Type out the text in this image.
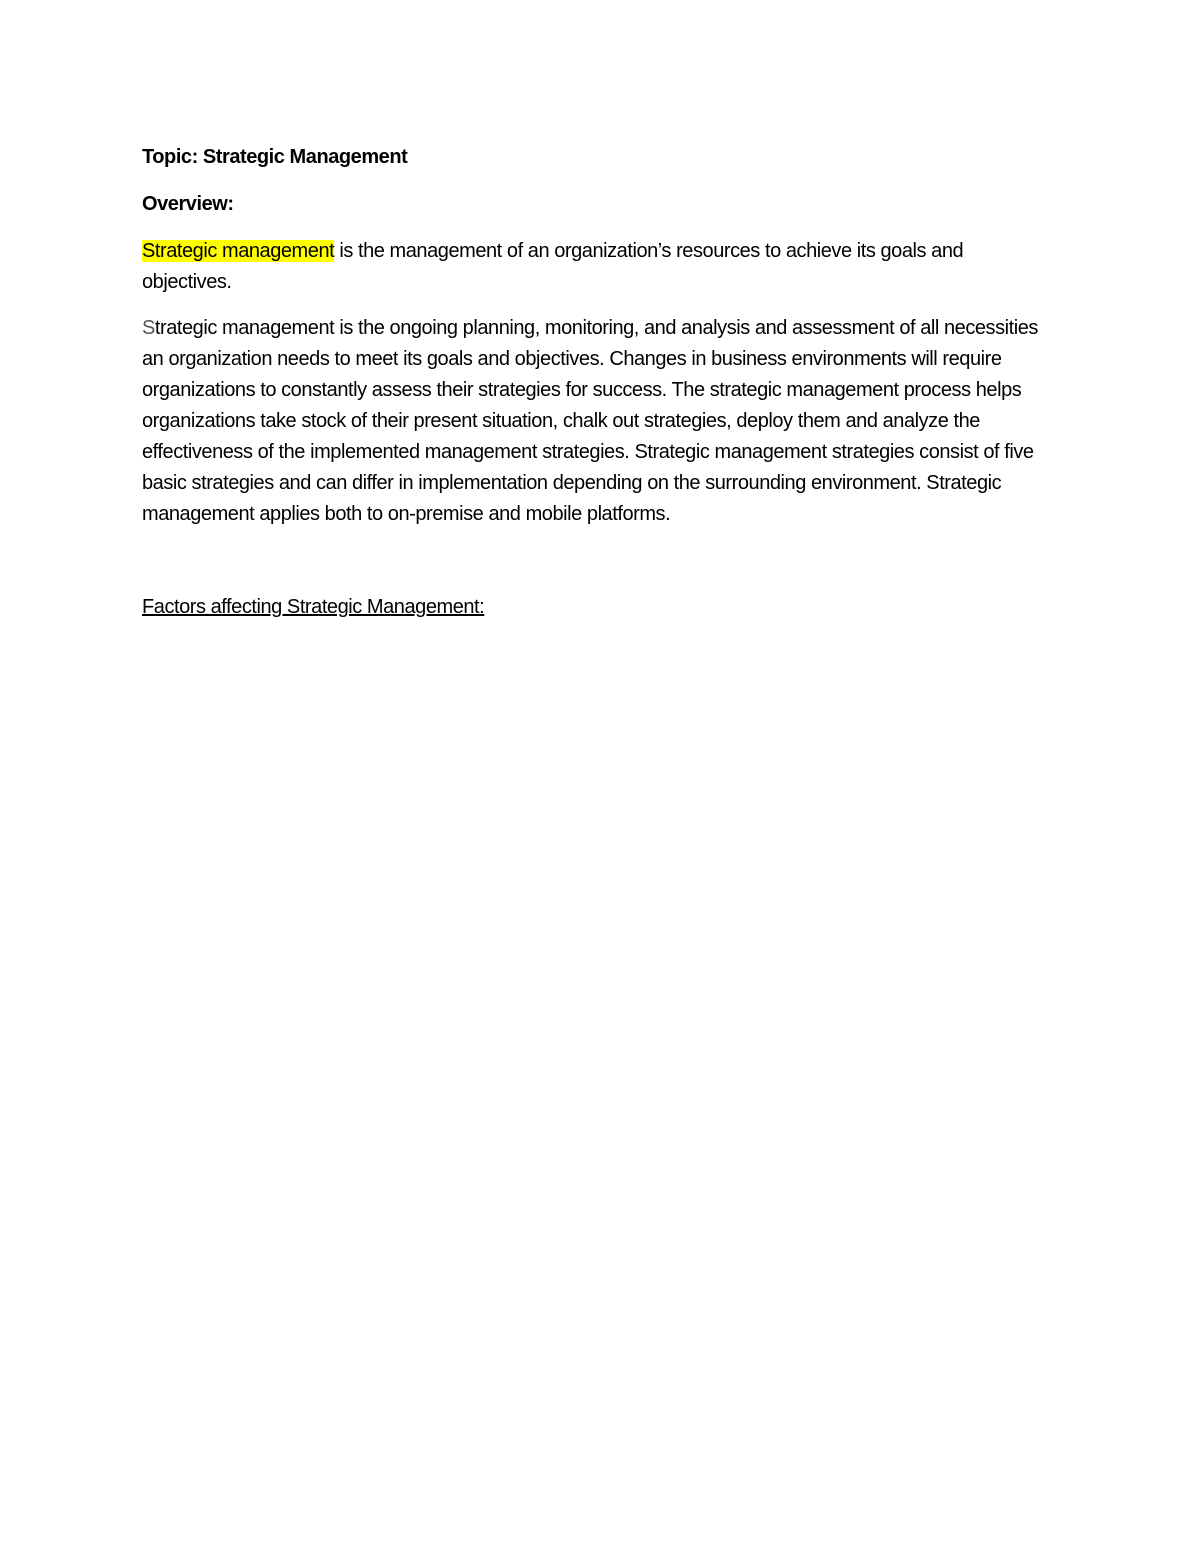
Topic: Strategic Management

Overview:

Strategic management is the management of an organization’s resources to achieve its goals and objectives.

Strategic management is the ongoing planning, monitoring, and analysis and assessment of all necessities an organization needs to meet its goals and objectives. Changes in business environments will require organizations to constantly assess their strategies for success. The strategic management process helps organizations take stock of their present situation, chalk out strategies, deploy them and analyze the effectiveness of the implemented management strategies. Strategic management strategies consist of five basic strategies and can differ in implementation depending on the surrounding environment. Strategic management applies both to on-premise and mobile platforms.

Factors affecting Strategic Management:
